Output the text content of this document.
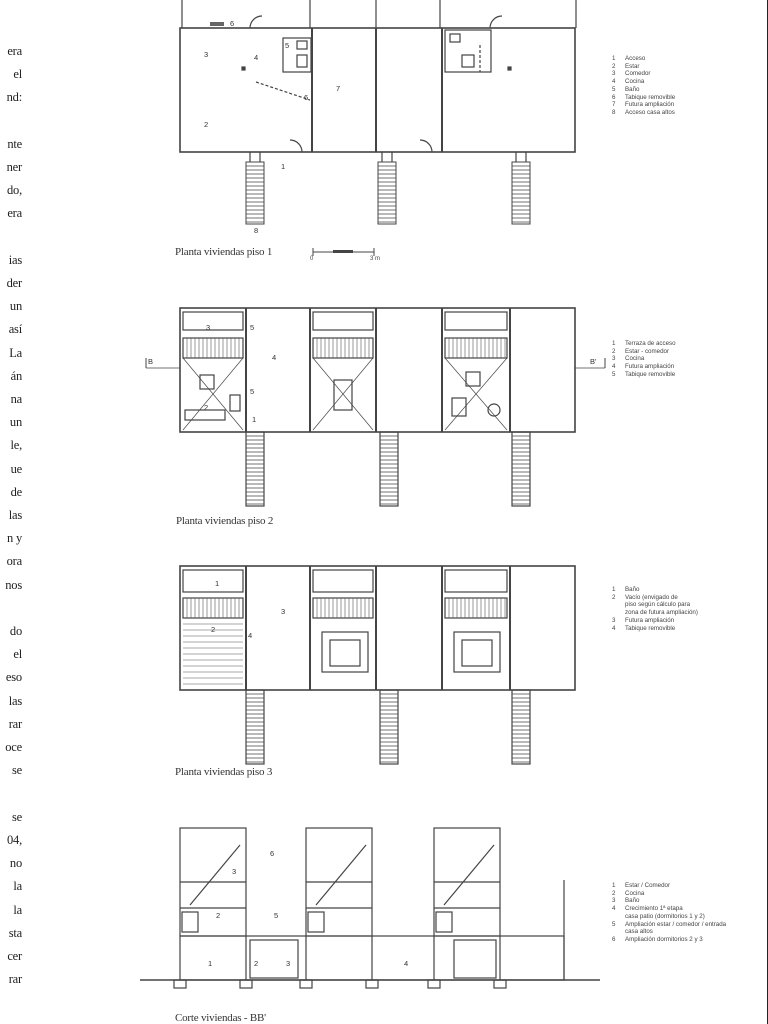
era
el
nd:

nte
ner
do,
era

ias
der
un
así
La
án
na
un
le,
ue
de
las
n y
ora
nos

do
el
eso
las
rar
oce
se

se
04,
no
la
la
sta
cer
rar
3	4
5
6
6
7
2
1
8
Planta viviendas piso 1
0	3 m
1	Acceso
2	Estar
3	Comedor
4	Cocina
5	Baño
6	Tabique removible
7	Futura ampliación
8	Acceso casa altos
3	5
4
5
2
1
B	B'
Planta viviendas piso 2
1	Terraza de acceso
2	Estar - comedor
3	Cocina
4	Futura ampliación
5	Tabique removible
1
2
3
4
Planta viviendas piso 3
1	Baño
2	Vacío (envigado de
piso según cálculo para
zona de futura ampliación)
3	Futura ampliación
4	Tabique removible
6
3
2	5
1	2	3	4
Corte viviendas - BB'
1	Estar / Comedor
2	Cocina
3	Baño
4	Crecimiento 1ª etapa
casa patio (dormitorios 1 y 2)
5	Ampliación estar / comedor / entrada
casa altos
6	Ampliación dormitorios 2 y 3
